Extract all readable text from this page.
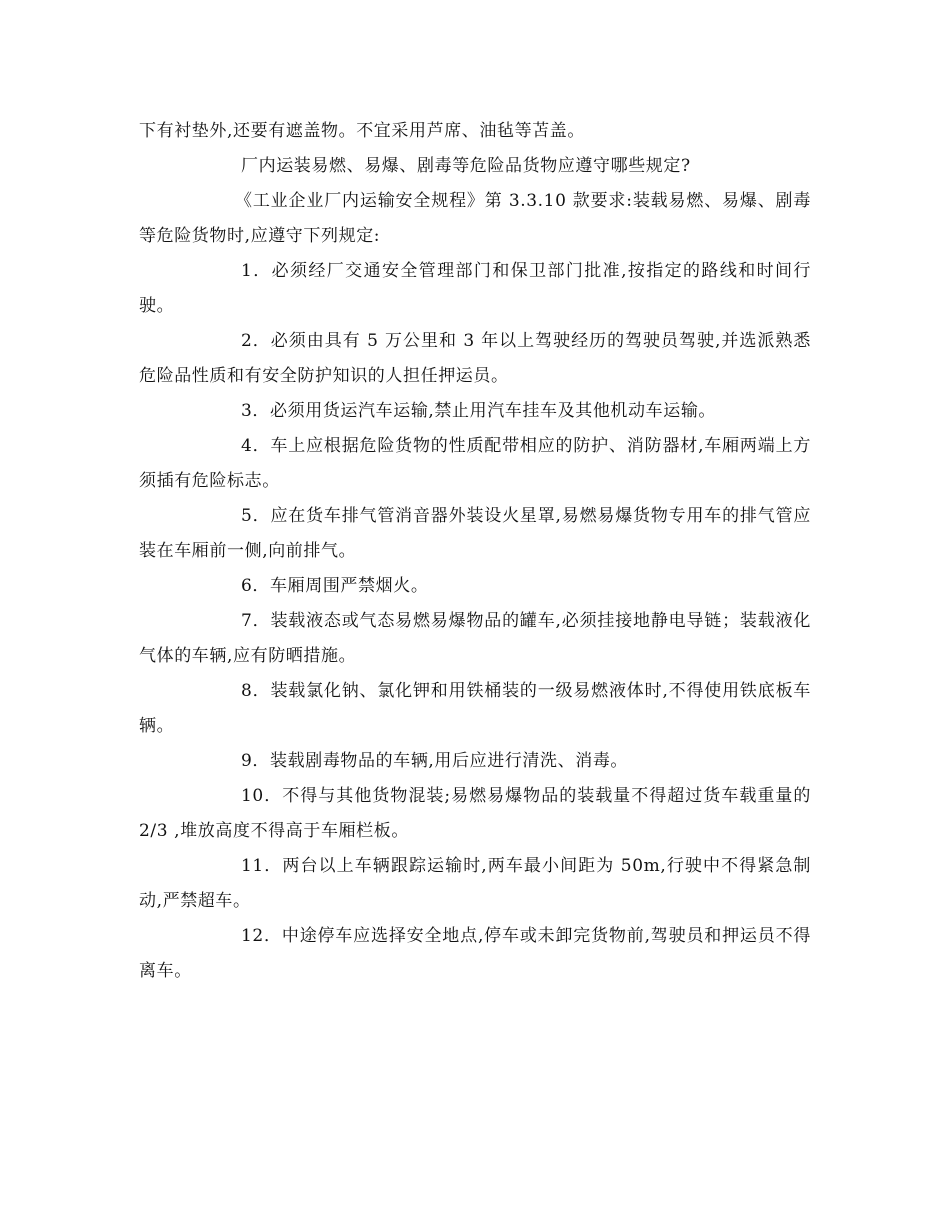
下有衬垫外,还要有遮盖物。不宜采用芦席、油毡等苫盖。

厂内运装易燃、易爆、剧毒等危险品货物应遵守哪些规定?

《工业企业厂内运输安全规程》第 3.3.10 款要求:装载易燃、易爆、剧毒等危险货物时,应遵守下列规定:

1．必须经厂交通安全管理部门和保卫部门批准,按指定的路线和时间行驶。

2．必须由具有 5 万公里和 3 年以上驾驶经历的驾驶员驾驶,并选派熟悉危险品性质和有安全防护知识的人担任押运员。

3．必须用货运汽车运输,禁止用汽车挂车及其他机动车运输。

4．车上应根据危险货物的性质配带相应的防护、消防器材,车厢两端上方须插有危险标志。

5．应在货车排气管消音器外装设火星罩,易燃易爆货物专用车的排气管应装在车厢前一侧,向前排气。

6．车厢周围严禁烟火。

7．装载液态或气态易燃易爆物品的罐车,必须挂接地静电导链；装载液化气体的车辆,应有防晒措施。

8．装载氯化钠、氯化钾和用铁桶装的一级易燃液体时,不得使用铁底板车辆。

9．装载剧毒物品的车辆,用后应进行清洗、消毒。

10．不得与其他货物混装;易燃易爆物品的装载量不得超过货车载重量的 2/3 ,堆放高度不得高于车厢栏板。

11．两台以上车辆跟踪运输时,两车最小间距为 50m,行驶中不得紧急制动,严禁超车。

12．中途停车应选择安全地点,停车或未卸完货物前,驾驶员和押运员不得离车。
